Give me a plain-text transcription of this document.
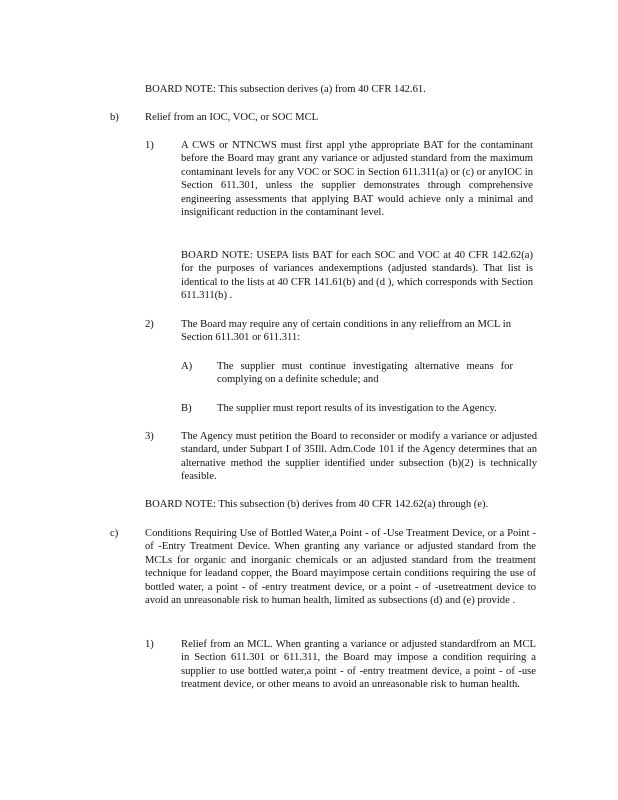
BOARD NOTE: This subsection derives (a) from 40 CFR 142.61.

b) Relief from an IOC, VOC, or SOC MCL

1)	A CWS or NTNCWS must first appl ythe appropriate BAT for the contaminant before the Board may grant any variance or adjusted standard from the maximum contaminant levels for any VOC or SOC in Section 611.311(a) or (c) or anyIOC in Section 611.301, unless the supplier demonstrates through comprehensive engineering assessments that applying BAT would achieve only a minimal and insignificant reduction in the contaminant level.

BOARD NOTE: USEPA lists BAT for each SOC and VOC at 40 CFR 142.62(a) for the purposes of variances andexemptions (adjusted standards). That list is identical to the lists at 40 CFR 141.61(b) and (d ), which corresponds with Section 611.311(b) .

2)	The Board may require any of certain conditions in any relieffrom an MCL in Section 611.301 or 611.311:

A) The supplier must continue investigating alternative means for complying on a definite schedule; and

B) The supplier must report results of its investigation to the Agency.

3)	The Agency must petition the Board to reconsider or modify a variance or adjusted standard, under Subpart I of 35Ill. Adm.Code 101 if the Agency determines that an alternative method the supplier identified under subsection (b)(2) is technically feasible.

BOARD NOTE: This subsection (b) derives from 40 CFR 142.62(a) through (e).

c)	Conditions Requiring Use of Bottled Water,a Point - of -Use Treatment Device, or a Point - of -Entry Treatment Device. When granting any variance or adjusted standard from the MCLs for organic and inorganic chemicals or an adjusted standard from the treatment technique for leadand copper, the Board mayimpose certain conditions requiring the use of bottled water, a point - of -entry treatment device, or a point - of -usetreatment device to avoid an unreasonable risk to human health, limited as subsections (d) and (e) provide .

1)	Relief from an MCL. When granting a variance or adjusted standardfrom an MCL in Section 611.301 or 611.311, the Board may impose a condition requiring a supplier to use bottled water,a point - of -entry treatment device, a point - of -use treatment device, or other means to avoid an unreasonable risk to human health.
